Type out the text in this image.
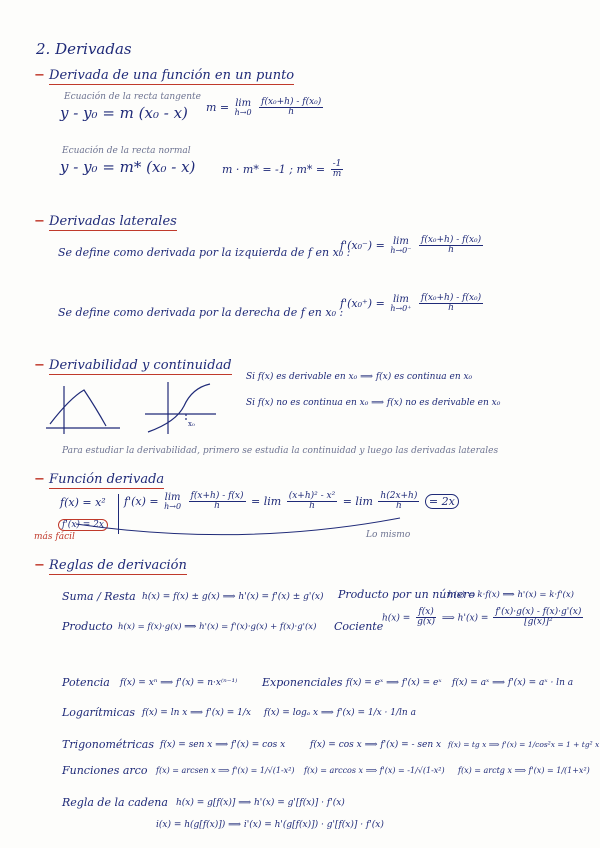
2. Derivadas
− Derivada de una función en un punto
Ecuación de la recta tangente
y - y₀ = m (x₀ - x) m = lim
h→0
$\frac{\text{f(x₀+h) - f(x₀)}}{h}$
Ecuación de la recta normal
y - y₀ = m* (x₀ - x) m · m* = -1 ; $m* = \frac{-1}{m}$
− Derivadas laterales
Se define como derivada por la izquierda de f en x₀ :
f'(x₀⁻) = lim
h→0⁻
$\frac{\text{f(x₀+h) - f(x₀)}}{h}$
Se define como derivada por la derecha de f en x₀ :
f'(x₀⁺) = lim
h→0⁺
$\frac{\text{f(x₀+h) - f(x₀)}}{h}$
− Derivabilidad y continuidad
x₀
Si f(x) es derivable en x₀ ⟹ f(x) es continua en x₀
Si f(x) no es continua en x₀ ⟹ f(x) no es derivable en x₀
Para estudiar la derivabilidad, primero se estudia la continuidad y luego las derivadas laterales
− Función derivada
f(x) = x²
f'(x) = 2x
más fácil
f'(x) = lim
h→0
$\frac{f(x+h) - f(x)}{h} = \lim \frac{\text{(x+h)² - x²}}{h} = \lim \frac{h(2x+h)}{h} = 2x$
Lo mismo
− Reglas de derivación
Suma / Resta h(x) = f(x) ± g(x) ⟹ h'(x) = f'(x) ± g'(x) Producto por un número
h(x) = k·f(x) ⟹ h'(x) = k·f'(x)
Producto h(x) = f(x)·g(x) ⟹ h'(x) = f'(x)·g(x) + f(x)·g'(x) Cociente
$h(x) = \frac{f(x)}{g(x)}$ ⟹ $h'(x) = \frac{f'(x)\cdot g(x) - f(x)\cdot g'(x)}{\text{[g(x)]²}}$
Potencia f(x) = xⁿ ⟹ f'(x) = n·x⁽ⁿ⁻¹⁾ Exponenciales f(x) = eˣ ⟹ f'(x) = eˣ f(x) = aˣ ⟹ f'(x) = aˣ · ln a
Logarítmicas f(x) = ln x ⟹ f'(x) = 1/x f(x) = logₐ x ⟹ f'(x) = 1/x · 1/ln a
Trigonométricas f(x) = sen x ⟹ f'(x) = cos x	f(x) = cos x ⟹ f'(x) = - sen x f(x) = tg x ⟹ f'(x) = 1/cos²x = 1 + tg² x
Funciones arco f(x) = arcsen x ⟹ f'(x) = 1/√(1-x²) f(x) = arccos x ⟹ f'(x) = -1/√(1-x²) f(x) = arctg x ⟹ f'(x) = 1/(1+x²)
Regla de la cadena h(x) = g[f(x)] ⟹ h'(x) = g'[f(x)] · f'(x)
i(x) = h(g[f(x)]) ⟹ i'(x) = h'(g[f(x)]) · g'[f(x)] · f'(x)
